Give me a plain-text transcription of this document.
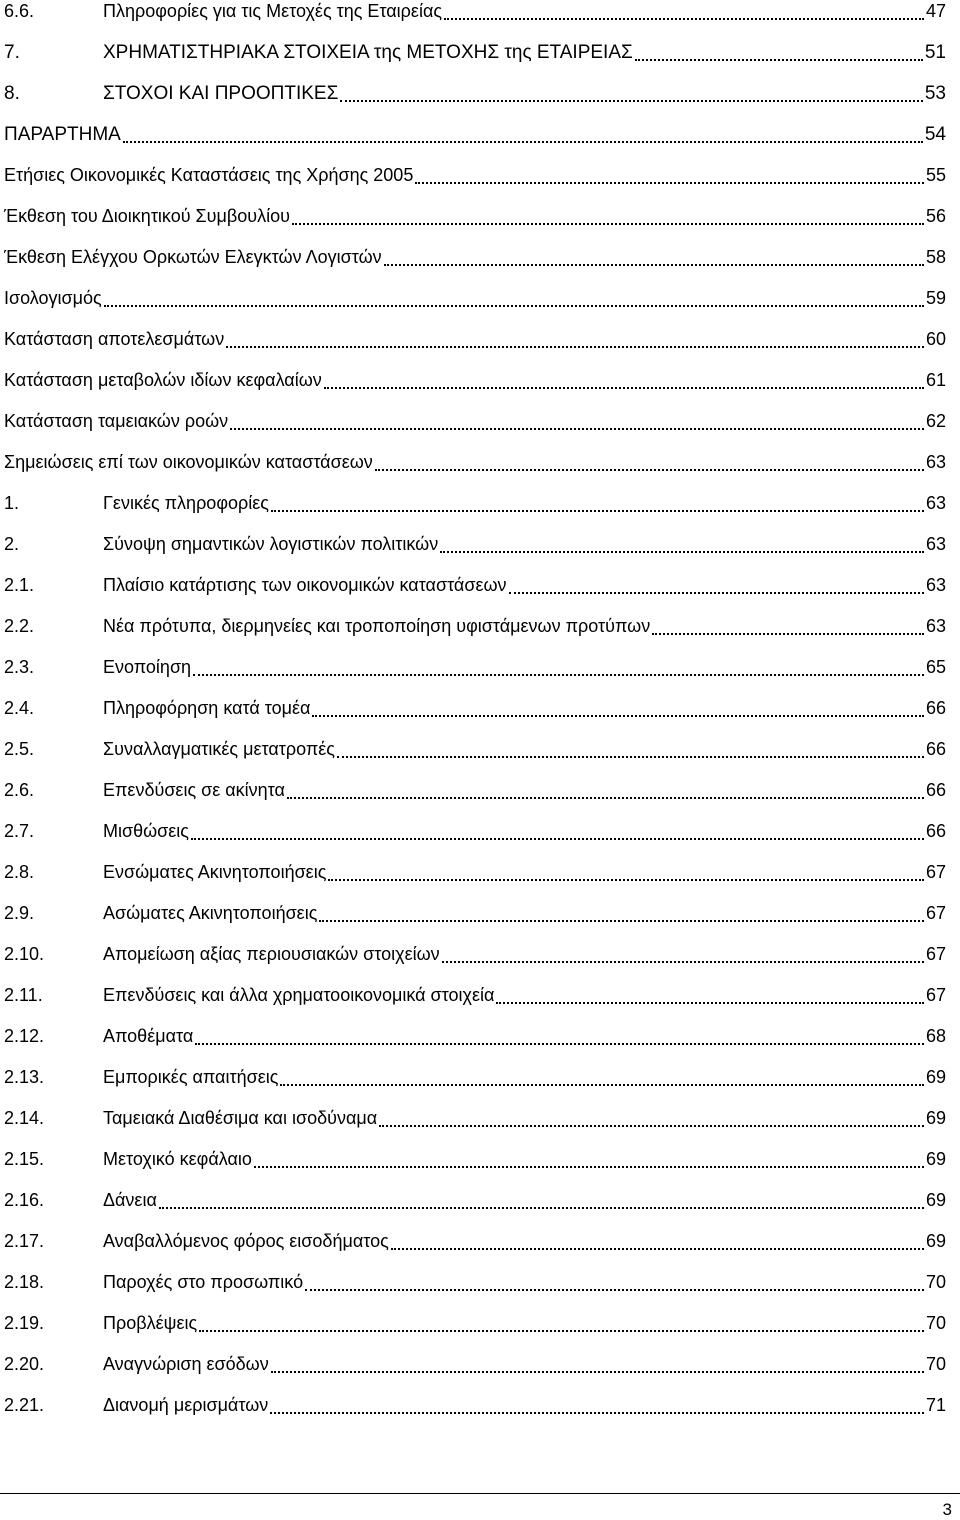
6.6.	Πληροφορίες για τις Μετοχές της Εταιρείας	47
7.	ΧΡΗΜΑΤΙΣΤΗΡΙΑΚΑ ΣΤΟΙΧΕΙΑ της ΜΕΤΟΧΗΣ της ΕΤΑΙΡΕΙΑΣ	51
8.	ΣΤΟΧΟΙ ΚΑΙ ΠΡΟΟΠΤΙΚΕΣ	53
ΠΑΡΑΡΤΗΜΑ	54
Ετήσιες Οικονομικές Καταστάσεις της Χρήσης 2005	55
Έκθεση του Διοικητικού Συμβουλίου	56
Έκθεση Ελέγχου Ορκωτών Ελεγκτών Λογιστών	58
Ισολογισμός	59
Κατάσταση αποτελεσμάτων	60
Κατάσταση μεταβολών ιδίων κεφαλαίων	61
Κατάσταση ταμειακών ροών	62
Σημειώσεις επί των οικονομικών καταστάσεων	63
1.	Γενικές πληροφορίες	63
2.	Σύνοψη σημαντικών λογιστικών πολιτικών	63
2.1.	Πλαίσιο κατάρτισης των οικονομικών καταστάσεων	63
2.2.	Νέα πρότυπα, διερμηνείες και τροποποίηση υφιστάμενων προτύπων	63
2.3.	Ενοποίηση	65
2.4.	Πληροφόρηση κατά τομέα	66
2.5.	Συναλλαγματικές μετατροπές	66
2.6.	Επενδύσεις σε ακίνητα	66
2.7.	Μισθώσεις	66
2.8.	Ενσώματες Ακινητοποιήσεις	67
2.9.	Ασώματες Ακινητοποιήσεις	67
2.10.	Απομείωση αξίας περιουσιακών στοιχείων	67
2.11.	Επενδύσεις και άλλα χρηματοοικονομικά στοιχεία	67
2.12.	Αποθέματα	68
2.13.	Εμπορικές απαιτήσεις	69
2.14.	Ταμειακά Διαθέσιμα και ισοδύναμα	69
2.15.	Μετοχικό κεφάλαιο	69
2.16.	Δάνεια	69
2.17.	Αναβαλλόμενος φόρος εισοδήματος	69
2.18.	Παροχές στο προσωπικό	70
2.19.	Προβλέψεις	70
2.20.	Αναγνώριση εσόδων	70
2.21.	Διανομή μερισμάτων	71
3
